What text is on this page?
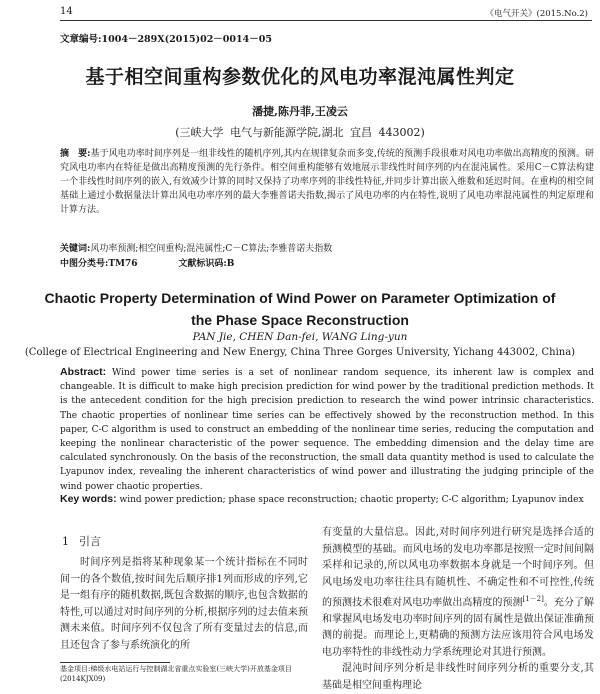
14	《电气开关》(2015.No.2)
文章编号:1004－289X(2015)02－0014－05
基于相空间重构参数优化的风电功率混沌属性判定
潘捷,陈丹菲,王凌云
(三峡大学 电气与新能源学院,湖北 宜昌 443002)
摘　要:基于风电功率时间序列是一组非线性的随机序列,其内在规律复杂而多变,传统的预测手段很难对风电功率做出高精度的预测。研究风电功率内在特征是做出高精度预测的先行条件。相空间重构能够有效地展示非线性时间序列的内在混沌属性。采用C－C算法构建一个非线性时间序列的嵌入,有效减少计算的同时又保持了功率序列的非线性特征,并同步计算出嵌入维数和延迟时间。在重构的相空间基础上通过小数据量法计算出风电功率序列的最大李雅普诺夫指数,揭示了风电功率的内在特性,说明了风电功率混沌属性的判定原理和计算方法。
关键词:风功率预测;相空间重构;混沌属性;C－C算法;李雅普诺夫指数
中图分类号:TM76	文献标识码:B
Chaotic Property Determination of Wind Power on Parameter Optimization of
the Phase Space Reconstruction
PAN Jie, CHEN Dan-fei, WANG Ling-yun
(College of Electrical Engineering and New Energy, China Three Gorges University, Yichang 443002, China)
Abstract: Wind power time series is a set of nonlinear random sequence, its inherent law is complex and changeable. It is difficult to make high precision prediction for wind power by the traditional prediction methods. It is the antecedent condition for the high precision prediction to research the wind power intrinsic characteristics. The chaotic properties of nonlinear time series can be effectively showed by the reconstruction method. In this paper, C-C algorithm is used to construct an embedding of the nonlinear time series, reducing the computation and keeping the nonlinear characteristic of the power sequence. The embedding dimension and the delay time are calculated synchronously. On the basis of the reconstruction, the small data quantity method is used to calculate the Lyapunov index, revealing the inherent characteristics of wind power and illustrating the judging principle of the wind power chaotic properties.
Key words: wind power prediction; phase space reconstruction; chaotic property; C-C algorithm; Lyapunov index
1 引言

时间序列是指将某种现象某一个统计指标在不同时间一的各个数值,按时间先后顺序排1列而形成的序列,它是一组有序的随机数据,既包含数据的顺序,也包含数据的特性,可以通过对时间序列的分析,根据序列的过去值来预测未来值。时间序列不仅包含了所有变量过去的信息,而且还包含了参与系统演化的所

有变量的大量信息。因此,对时间序列进行研究是选择合适的预测模型的基础。而风电场的发电功率都是按照一定时间间隔采样和记录的,所以风电功率数据本身就是一个时间序列。但风电场发电功率往往具有随机性、不确定性和不可控性,传统的预测技术很难对风电功率做出高精度的预测[1－2]。充分了解和掌握风电场发电功率时间序列的固有属性是做出保证准确预测的前提。而理论上,更精确的预测方法应该用符合风电场发电功率特性的非线性动力学系统理论对其进行预测。

混沌时间序列分析是非线性时间序列分析的重要分支,其基础是相空间重构理论

基金项目:梯级水电站运行与控制湖北省重点实验室(三峡大学)开放基金项目(2014KJX09)
